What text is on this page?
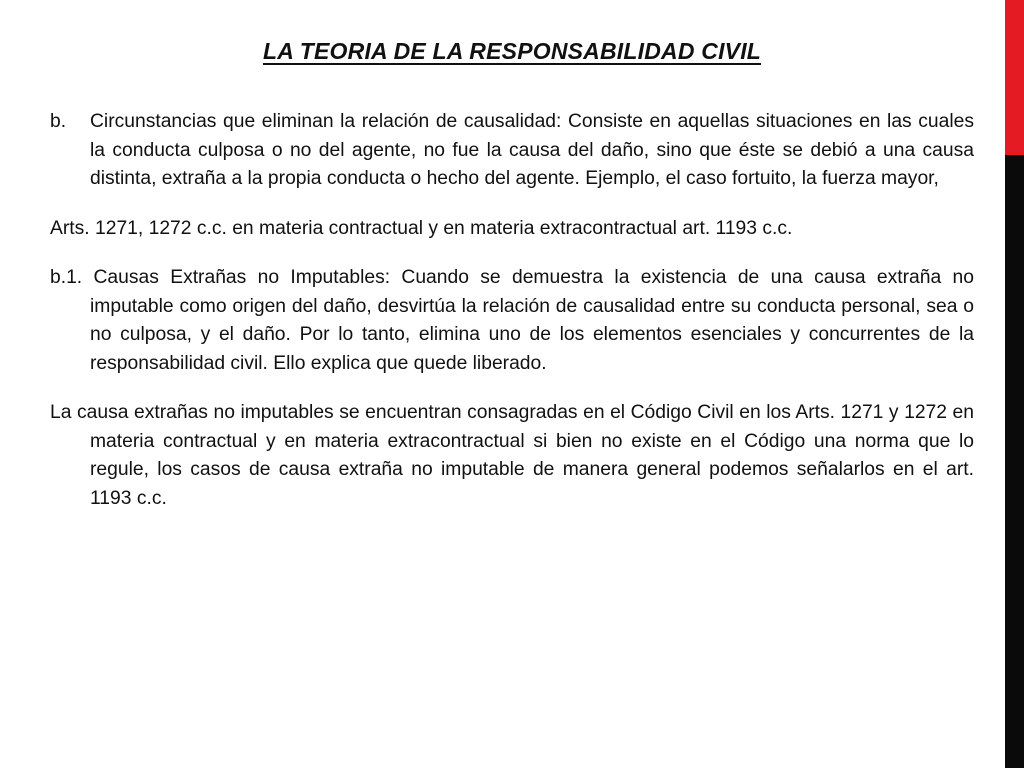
LA TEORIA DE LA RESPONSABILIDAD CIVIL

b. Circunstancias que eliminan la relación de causalidad: Consiste en aquellas situaciones en las cuales la conducta culposa o no del agente, no fue la causa del daño, sino que éste se debió a una causa distinta, extraña a la propia conducta o hecho del agente. Ejemplo, el caso fortuito, la fuerza mayor,

Arts. 1271, 1272 c.c. en materia contractual y en materia extracontractual art. 1193 c.c.

b.1. Causas Extrañas no Imputables: Cuando se demuestra la existencia de una causa extraña no imputable como origen del daño, desvirtúa la relación de causalidad entre su conducta personal, sea o no culposa, y el daño. Por lo tanto, elimina uno de los elementos esenciales y concurrentes de la responsabilidad civil. Ello explica que quede liberado.

La causa extrañas no imputables se encuentran consagradas en el Código Civil en los Arts. 1271 y 1272 en materia contractual y en materia extracontractual si bien no existe en el Código una norma que lo regule, los casos de causa extraña no imputable de manera general podemos señalarlos en el art. 1193 c.c.
